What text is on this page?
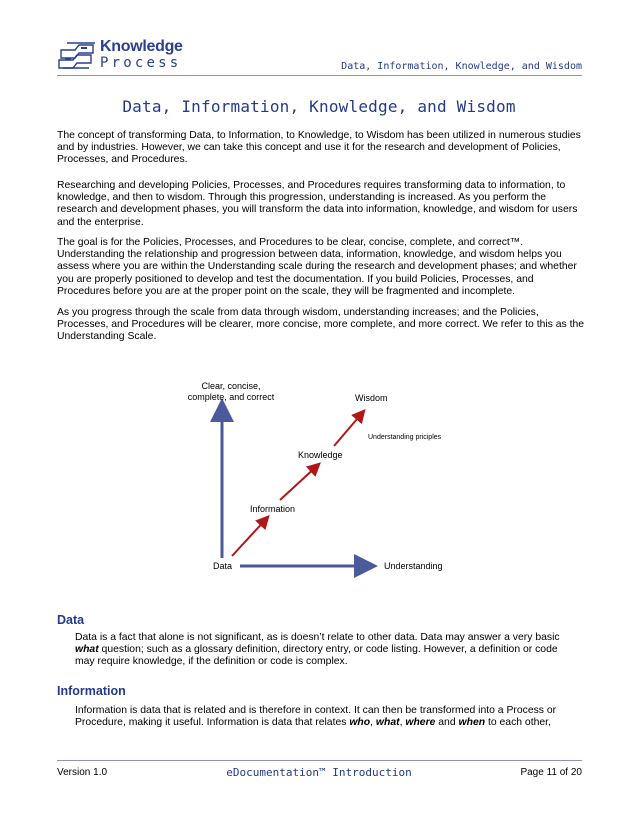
Knowledge
Process	Data, Information, Knowledge, and Wisdom
Data, Information, Knowledge, and Wisdom
The concept of transforming Data, to Information, to Knowledge, to Wisdom has been utilized in numerous studies and by industries. However, we can take this concept and use it for the research and development of Policies, Processes, and Procedures.
Researching and developing Policies, Processes, and Procedures requires transforming data to information, to knowledge, and then to wisdom. Through this progression, understanding is increased. As you perform the research and development phases, you will transform the data into information, knowledge, and wisdom for users and the enterprise.
The goal is for the Policies, Processes, and Procedures to be clear, concise, complete, and correct™. Understanding the relationship and progression between data, information, knowledge, and wisdom helps you assess where you are within the Understanding scale during the research and development phases; and whether you are properly positioned to develop and test the documentation. If you build Policies, Processes, and Procedures before you are at the proper point on the scale, they will be fragmented and incomplete.
As you progress through the scale from data through wisdom, understanding increases; and the Policies, Processes, and Procedures will be clearer, more concise, more complete, and more correct. We refer to this as the Understanding Scale.
Clear, concise,
complete, and correct	Wisdom
Understanding priciples
Knowledge
Information
Data	Understanding
Data
Data is a fact that alone is not significant, as is doesn’t relate to other data. Data may answer a very basic what question; such as a glossary definition, directory entry, or code listing. However, a definition or code may require knowledge, if the definition or code is complex.
Information
Information is data that is related and is therefore in context. It can then be transformed into a Process or Procedure, making it useful. Information is data that relates who, what, where and when to each other,
Version 1.0	eDocumentation™ Introduction	Page 11 of 20
